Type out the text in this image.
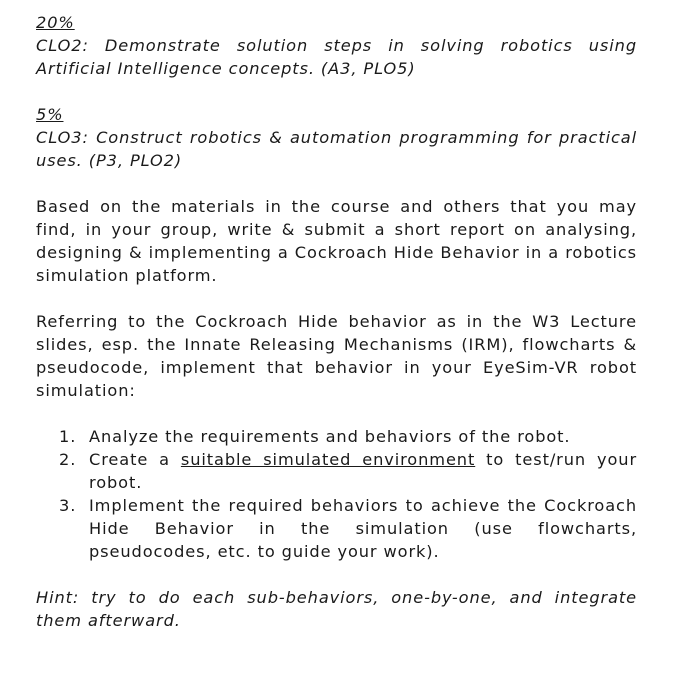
20%
CLO2: Demonstrate solution steps in solving robotics using Artificial Intelligence concepts. (A3, PLO5)
5%
CLO3: Construct robotics & automation programming for practical uses. (P3, PLO2)
Based on the materials in the course and others that you may find, in your group, write & submit a short report on analysing, designing & implementing a Cockroach Hide Behavior in a robotics simulation platform.
Referring to the Cockroach Hide behavior as in the W3 Lecture slides, esp. the Innate Releasing Mechanisms (IRM), flowcharts & pseudocode, implement that behavior in your EyeSim-VR robot simulation:
1. Analyze the requirements and behaviors of the robot.
2. Create a suitable simulated environment to test/run your robot.
3. Implement the required behaviors to achieve the Cockroach Hide Behavior in the simulation (use flowcharts, pseudocodes, etc. to guide your work).
Hint: try to do each sub-behaviors, one-by-one, and integrate them afterward.
